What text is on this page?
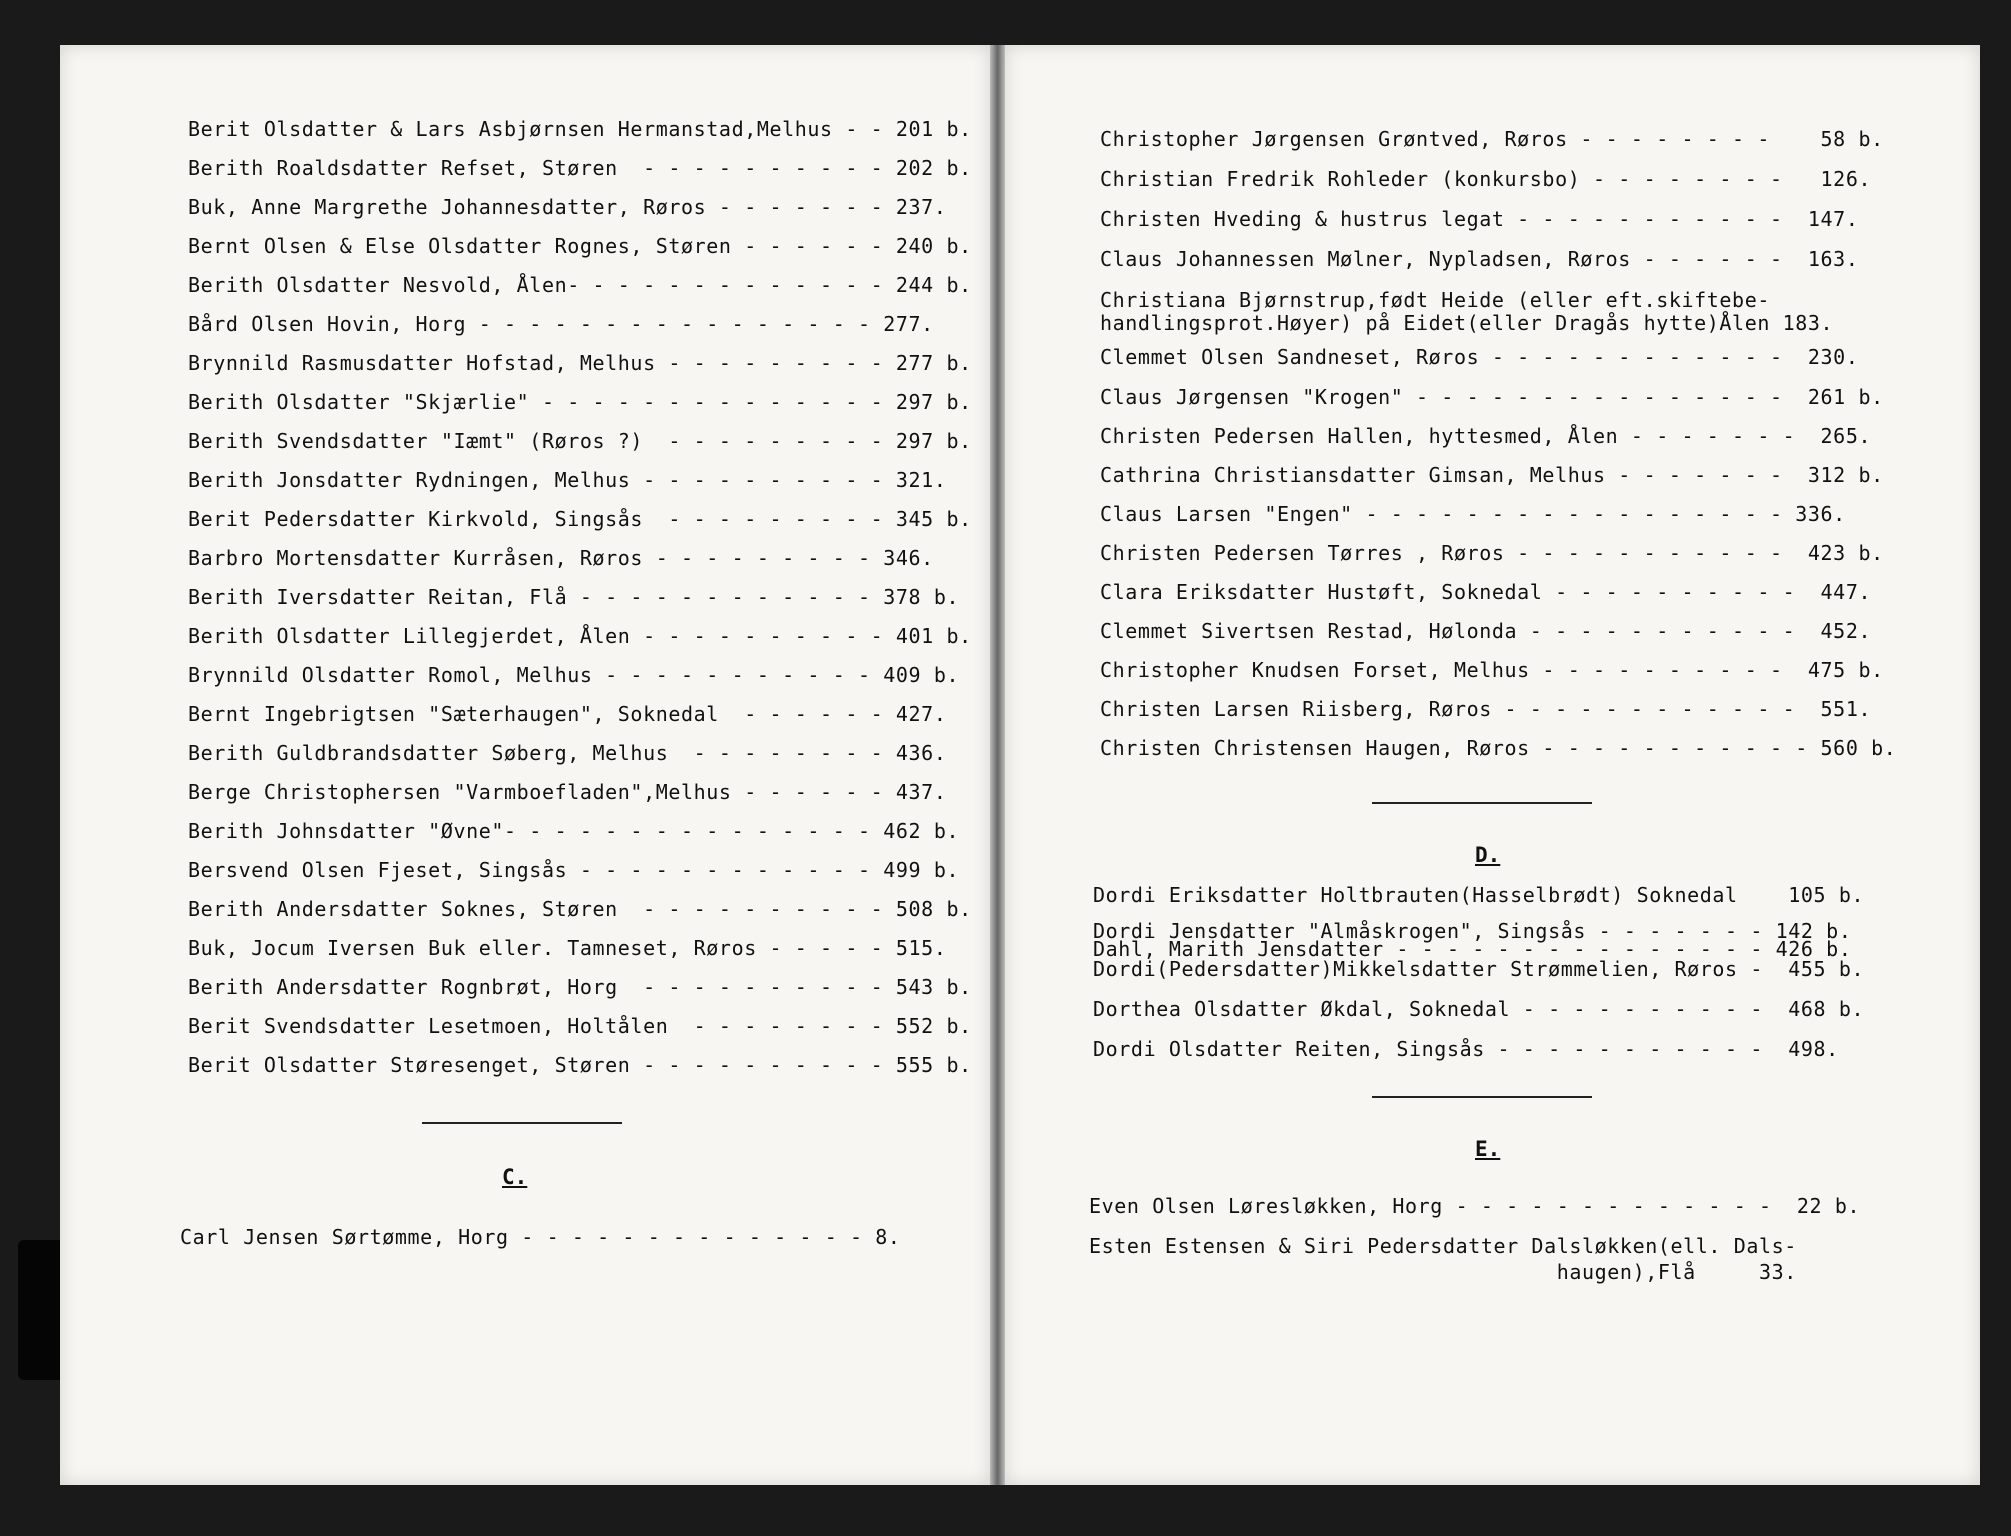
Berit Olsdatter & Lars Asbjørnsen Hermanstad,Melhus - - 201 b.
Berith Roaldsdatter Refset, Støren  - - - - - - - - - - 202 b.
Buk, Anne Margrethe Johannesdatter, Røros - - - - - - - 237.
Bernt Olsen & Else Olsdatter Rognes, Støren - - - - - - 240 b.
Berith Olsdatter Nesvold, Ålen- - - - - - - - - - - - - 244 b.
Bård Olsen Hovin, Horg - - - - - - - - - - - - - - - - 277.
Brynnild Rasmusdatter Hofstad, Melhus - - - - - - - - - 277 b.
Berith Olsdatter "Skjærlie" - - - - - - - - - - - - - - 297 b.
Berith Svendsdatter "Iæmt" (Røros ?)  - - - - - - - - - 297 b.
Berith Jonsdatter Rydningen, Melhus - - - - - - - - - - 321.
Berit Pedersdatter Kirkvold, Singsås  - - - - - - - - - 345 b.
Barbro Mortensdatter Kurråsen, Røros - - - - - - - - - 346.
Berith Iversdatter Reitan, Flå - - - - - - - - - - - - 378 b.
Berith Olsdatter Lillegjerdet, Ålen - - - - - - - - - - 401 b.
Brynnild Olsdatter Romol, Melhus - - - - - - - - - - - 409 b.
Bernt Ingebrigtsen "Sæterhaugen", Soknedal  - - - - - - 427.
Berith Guldbrandsdatter Søberg, Melhus  - - - - - - - - 436.
Berge Christophersen "Varmboefladen",Melhus - - - - - - 437.
Berith Johnsdatter "Øvne"- - - - - - - - - - - - - - - 462 b.
Bersvend Olsen Fjeset, Singsås - - - - - - - - - - - - 499 b.
Berith Andersdatter Soknes, Støren  - - - - - - - - - - 508 b.
Buk, Jocum Iversen Buk eller. Tamneset, Røros - - - - - 515.
Berith Andersdatter Rognbrøt, Horg  - - - - - - - - - - 543 b.
Berit Svendsdatter Lesetmoen, Holtålen  - - - - - - - - 552 b.
Berit Olsdatter Støresenget, Støren - - - - - - - - - - 555 b.
C.
Carl Jensen Sørtømme, Horg - - - - - - - - - - - - - - 8.
Christopher Jørgensen Grøntved, Røros - - - - - - - -    58 b.
Christian Fredrik Rohleder (konkursbo) - - - - - - - -   126.
Christen Hveding & hustrus legat - - - - - - - - - - -  147.
Claus Johannessen Mølner, Nypladsen, Røros - - - - - -  163.
Christiana Bjørnstrup,født Heide (eller eft.skiftebe-
handlingsprot.Høyer) på Eidet(eller Dragås hytte)Ålen 183.
Clemmet Olsen Sandneset, Røros - - - - - - - - - - - -  230.
Claus Jørgensen "Krogen" - - - - - - - - - - - - - - -  261 b.
Christen Pedersen Hallen, hyttesmed, Ålen - - - - - - -  265.
Cathrina Christiansdatter Gimsan, Melhus - - - - - - -  312 b.
Claus Larsen "Engen" - - - - - - - - - - - - - - - - - 336.
Christen Pedersen Tørres , Røros - - - - - - - - - - -  423 b.
Clara Eriksdatter Hustøft, Soknedal - - - - - - - - - -  447.
Clemmet Sivertsen Restad, Hølonda - - - - - - - - - - -  452.
Christopher Knudsen Forset, Melhus - - - - - - - - - -  475 b.
Christen Larsen Riisberg, Røros - - - - - - - - - - - -  551.
Christen Christensen Haugen, Røros - - - - - - - - - - - 560 b.
D.
Dordi Eriksdatter Holtbrauten(Hasselbrødt) Soknedal    105 b.
Dordi Jensdatter "Almåskrogen", Singsås - - - - - - - 142 b.
Dahl, Marith Jensdatter - - - - - - - - - - - - - - - 426 b.
Dordi(Pedersdatter)Mikkelsdatter Strømmelien, Røros -  455 b.
Dorthea Olsdatter Økdal, Soknedal - - - - - - - - - -  468 b.
Dordi Olsdatter Reiten, Singsås - - - - - - - - - - -  498.
E.
Even Olsen Løresløkken, Horg - - - - - - - - - - - - -  22 b.
Esten Estensen & Siri Pedersdatter Dalsløkken(ell. Dals-
haugen),Flå     33.
